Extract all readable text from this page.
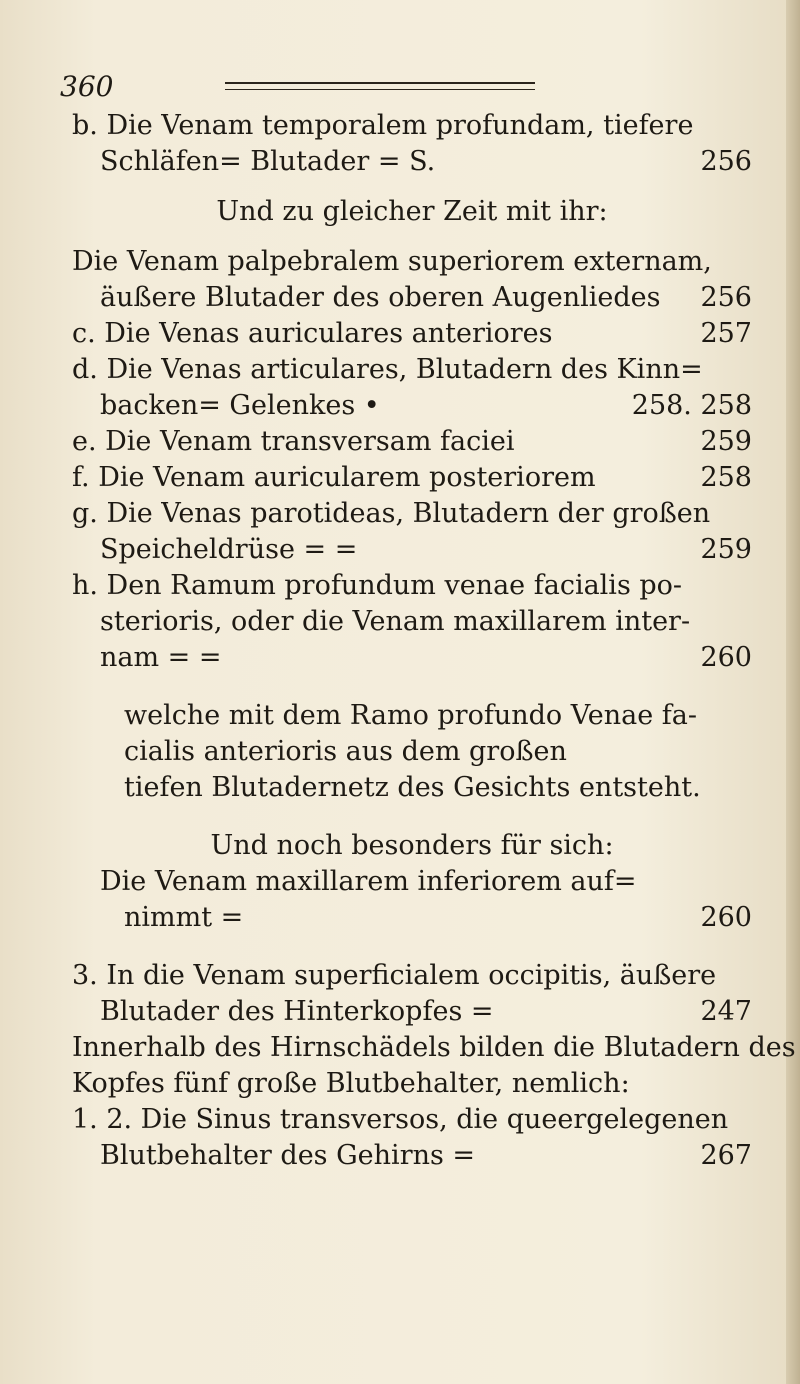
360
b. Die Venam temporalem profundam, tiefere
Schläfen= Blutader = S.	256
Und zu gleicher Zeit mit ihr:
Die Venam palpebralem superiorem externam,
äußere Blutader des oberen Augenliedes 256
c. Die Venas auriculares anteriores	257
d. Die Venas articulares, Blutadern des Kinn=
backen= Gelenkes •	258. 258
e. Die Venam transversam faciei	259
f. Die Venam auricularem posteriorem	258
g. Die Venas parotideas, Blutadern der großen
Speicheldrüse = =	259
h. Den Ramum profundum venae facialis po-
sterioris, oder die Venam maxillarem inter-
nam = =	260
welche mit dem Ramo profundo Venae fa-
cialis anterioris aus dem großen
tiefen Blutadernetz des Gesichts entsteht.
Und noch besonders für sich:
Die Venam maxillarem inferiorem auf=
nimmt =	260
3. In die Venam superficialem occipitis, äußere
Blutader des Hinterkopfes =	247
Innerhalb des Hirnschädels bilden die Blutadern des
Kopfes fünf große Blutbehalter, nemlich:
1. 2. Die Sinus transversos, die queergelegenen
Blutbehalter des Gehirns =	267
